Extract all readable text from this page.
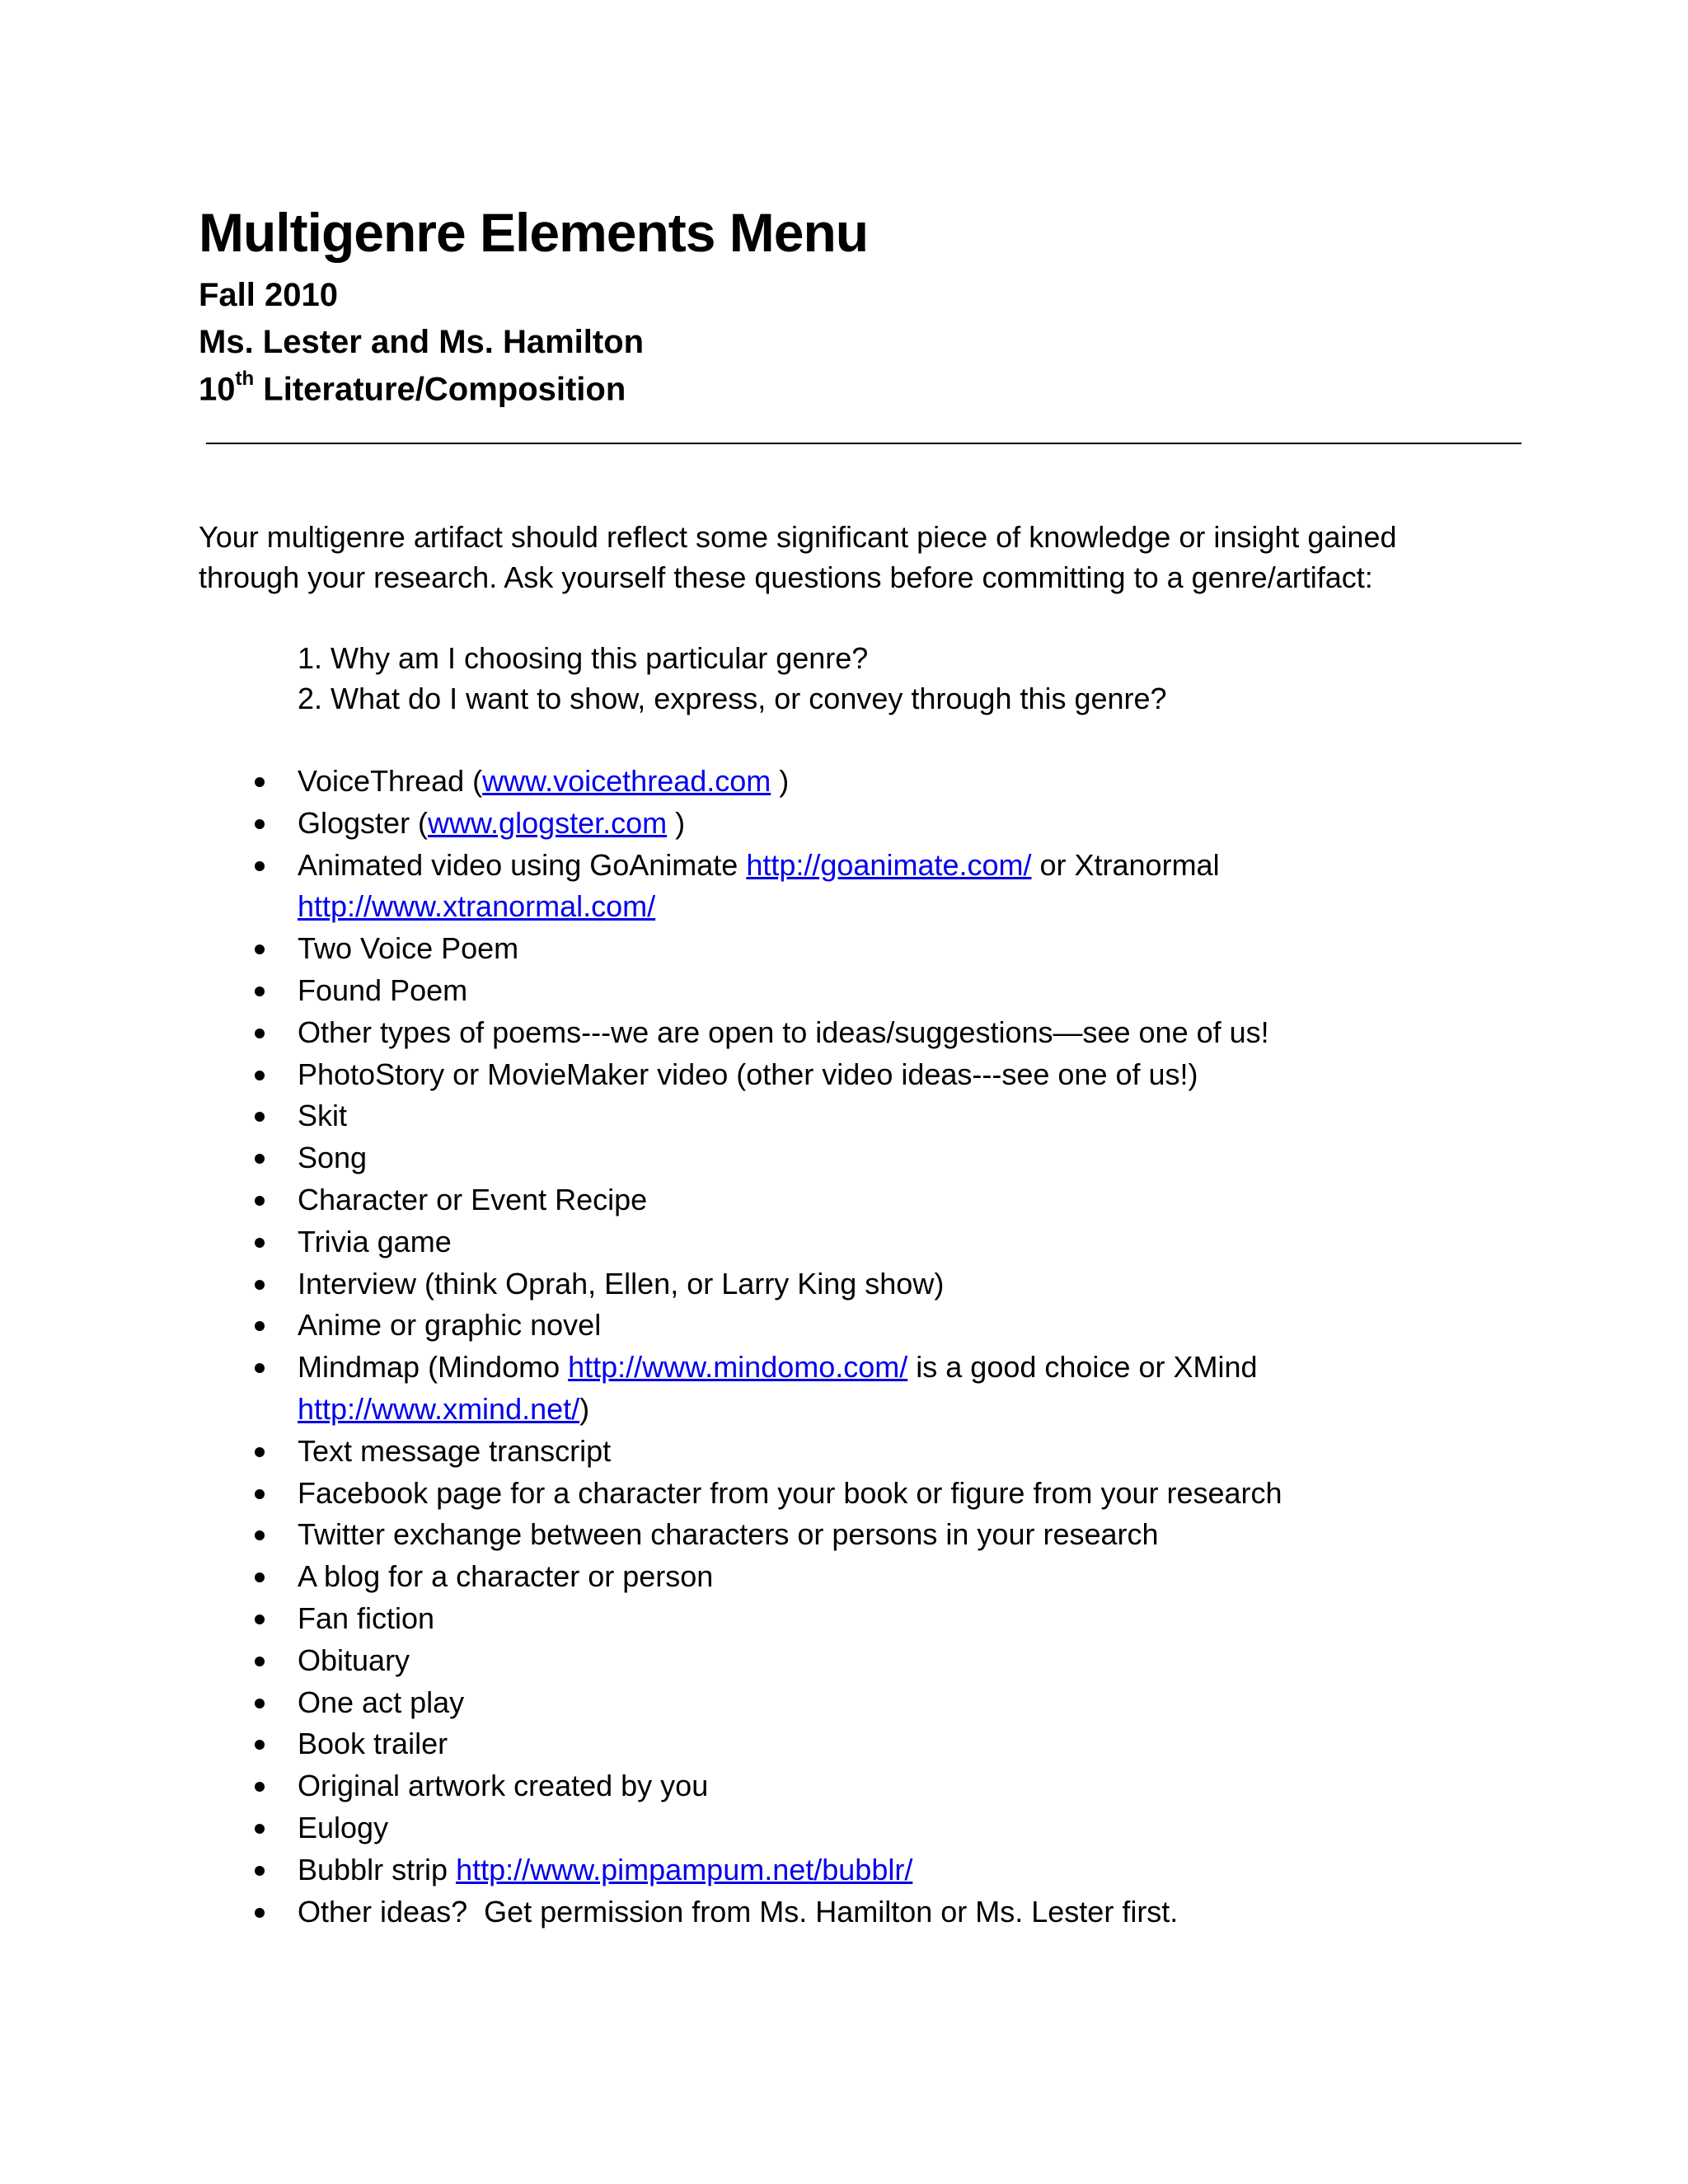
Multigenre Elements Menu
Fall 2010
Ms. Lester and Ms. Hamilton
10th Literature/Composition

Your multigenre artifact should reflect some significant piece of knowledge or insight gained

through your research. Ask yourself these questions before committing to a genre/artifact:

1. Why am I choosing this particular genre?
2. What do I want to show, express, or convey through this genre?
VoiceThread (www.voicethread.com )
Glogster (www.glogster.com )
Animated video using GoAnimate http://goanimate.com/ or Xtranormal
http://www.xtranormal.com/
Two Voice Poem
Found Poem
Other types of poems---we are open to ideas/suggestions—see one of us!
PhotoStory or MovieMaker video (other video ideas---see one of us!)
Skit
Song
Character or Event Recipe
Trivia game
Interview (think Oprah, Ellen, or Larry King show)
Anime or graphic novel
Mindmap (Mindomo http://www.mindomo.com/ is a good choice or XMind
http://www.xmind.net/)
Text message transcript
Facebook page for a character from your book or figure from your research
Twitter exchange between characters or persons in your research
A blog for a character or person
Fan fiction
Obituary
One act play
Book trailer
Original artwork created by you
Eulogy
Bubblr strip http://www.pimpampum.net/bubblr/
Other ideas?  Get permission from Ms. Hamilton or Ms. Lester first.
